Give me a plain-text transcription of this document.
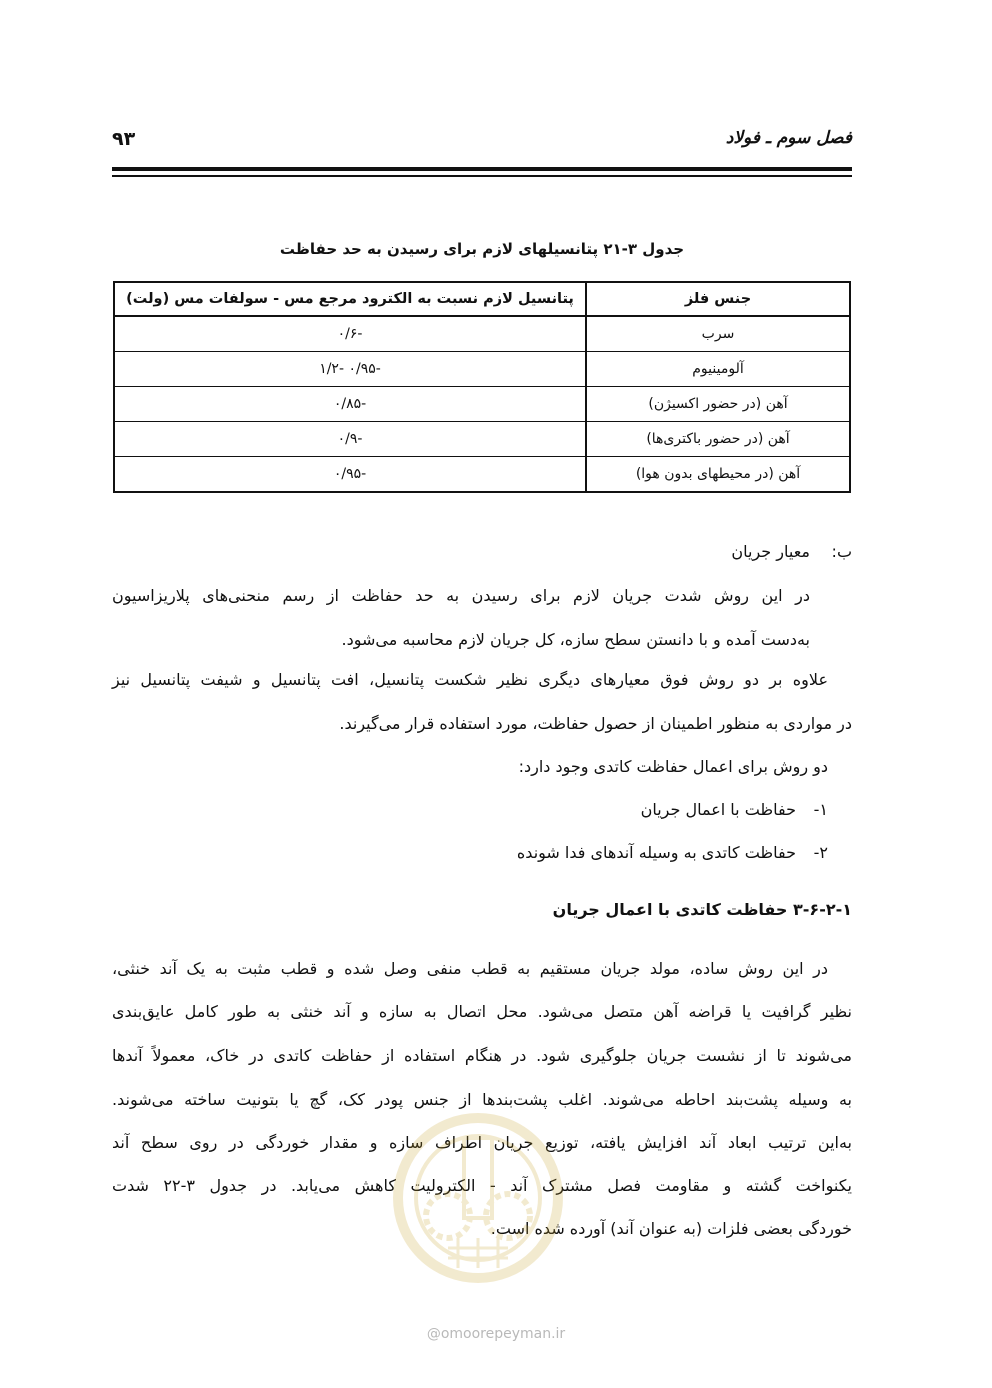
فصل سوم ـ فولاد
۹۳
جدول ۳-۲۱ پتانسیلهای لازم برای رسیدن به حد حفاظت
جنس فلز	پتانسیل لازم نسبت به الکترود مرجع مس - سولفات مس (ولت)
سرب	-۰/۶
آلومینیوم	-۰/۹۵ -۱/۲
آهن (در حضور اکسیژن)	-۰/۸۵
آهن (در حضور باکتری‌ها)	-۰/۹
آهن (در محیطهای بدون هوا)	-۰/۹۵
ب:
معیار جریان
در این روش شدت جریان لازم برای رسیدن به حد حفاظت از رسم منحنی‌های پلاریزاسیون
به‌دست آمده و با دانستن سطح سازه، کل جریان لازم محاسبه می‌شود.
علاوه بر دو روش فوق معیارهای دیگری نظیر شکست پتانسیل، افت پتانسیل و شیفت پتانسیل نیز
در مواردی به منظور اطمینان از حصول حفاظت، مورد استفاده قرار می‌گیرند.
دو روش برای اعمال حفاظت کاتدی وجود دارد:
۱-
حفاظت با اعمال جریان
۲-
حفاظت کاتدی به وسیله آندهای فدا شونده
۳-۶-۲-۱ حفاظت کاتدی با اعمال جریان
در این روش ساده، مولد جریان مستقیم به قطب منفی وصل شده و قطب مثبت به یک آند خنثی،
نظیر گرافیت یا قراضه آهن متصل می‌شود. محل اتصال به سازه و آند خنثی به طور کامل عایق‌بندی
می‌شوند تا از نشست جریان جلوگیری شود. در هنگام استفاده از حفاظت کاتدی در خاک، معمولاً آندها
به وسیله پشت‌بند احاطه می‌شوند. اغلب پشت‌بندها از جنس پودر کک، گچ یا بتونیت ساخته می‌شوند.
به‌این ترتیب ابعاد آند افزایش یافته، توزیع جریان اطراف سازه و مقدار خوردگی در روی سطح آند
یکنواخت گشته و مقاومت فصل مشترک آند - الکترولیت کاهش می‌یابد. در جدول ۳-۲۲ شدت
خوردگی بعضی فلزات (به عنوان آند) آورده شده است.
@omoorepeyman.ir
